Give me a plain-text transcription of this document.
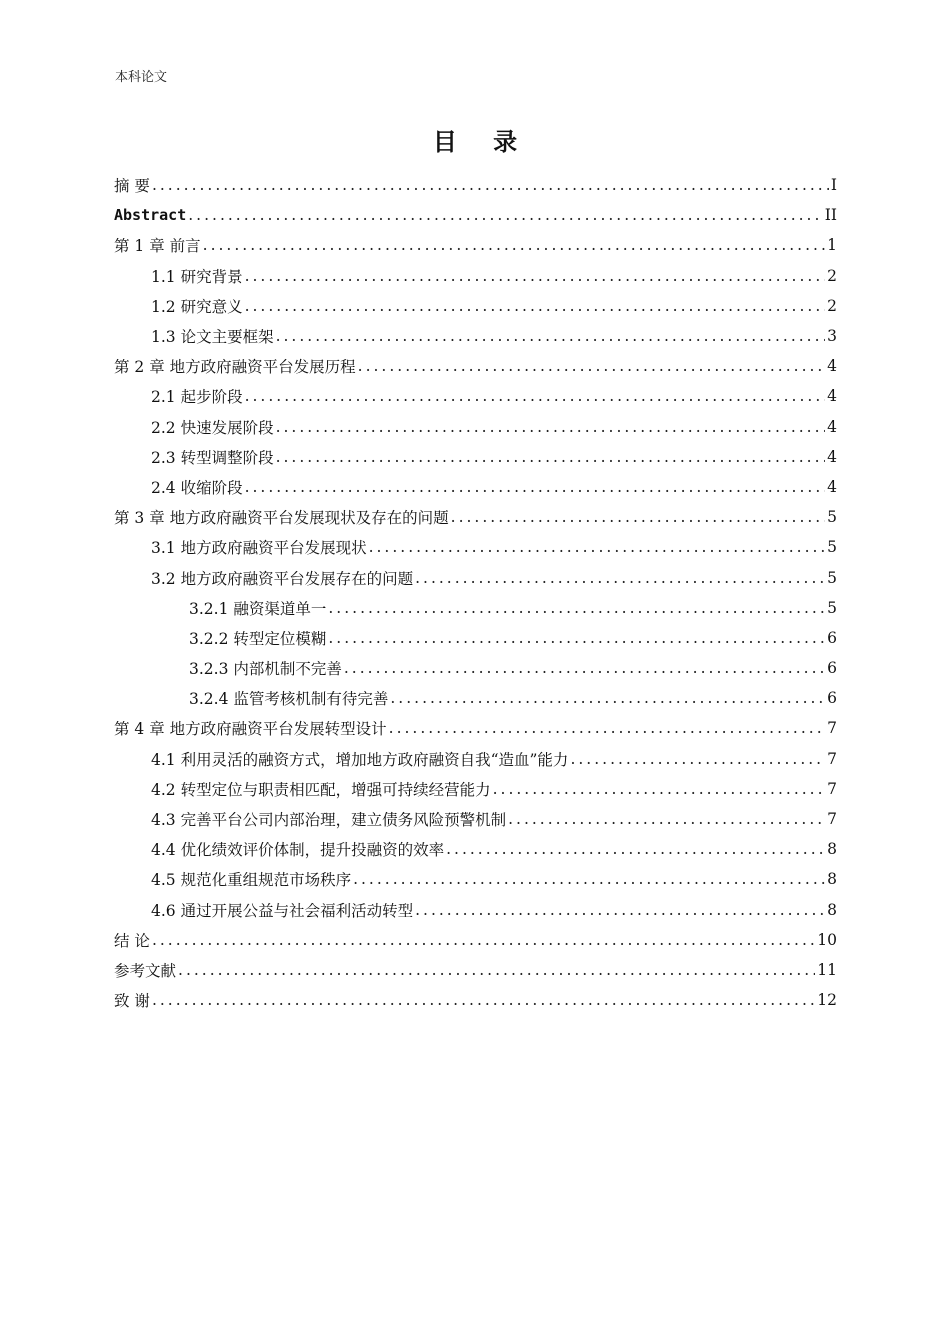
本科论文
目 录
摘 要 .....	I
Abstract .....	II
第 1 章 前言 .....	1
1.1 研究背景 .....	2
1.2 研究意义 .....	2
1.3 论文主要框架 .....	3
第 2 章 地方政府融资平台发展历程 .....	4
2.1 起步阶段 .....	4
2.2 快速发展阶段 .....	4
2.3 转型调整阶段 .....	4
2.4 收缩阶段 .....	4
第 3 章 地方政府融资平台发展现状及存在的问题 .....	5
3.1 地方政府融资平台发展现状 .....	5
3.2 地方政府融资平台发展存在的问题 .....	5
3.2.1 融资渠道单一 .....	5
3.2.2 转型定位模糊 .....	6
3.2.3 内部机制不完善 .....	6
3.2.4 监管考核机制有待完善 .....	6
第 4 章 地方政府融资平台发展转型设计 .....	7
4.1 利用灵活的融资方式，增加地方政府融资自我“造血”能力 .....	7
4.2 转型定位与职责相匹配，增强可持续经营能力 .....	7
4.3 完善平台公司内部治理，建立债务风险预警机制 .....	7
4.4 优化绩效评价体制，提升投融资的效率 .....	8
4.5 规范化重组规范市场秩序 .....	8
4.6 通过开展公益与社会福利活动转型 .....	8
结 论 .....	10
参考文献 .....	11
致 谢 .....	12
